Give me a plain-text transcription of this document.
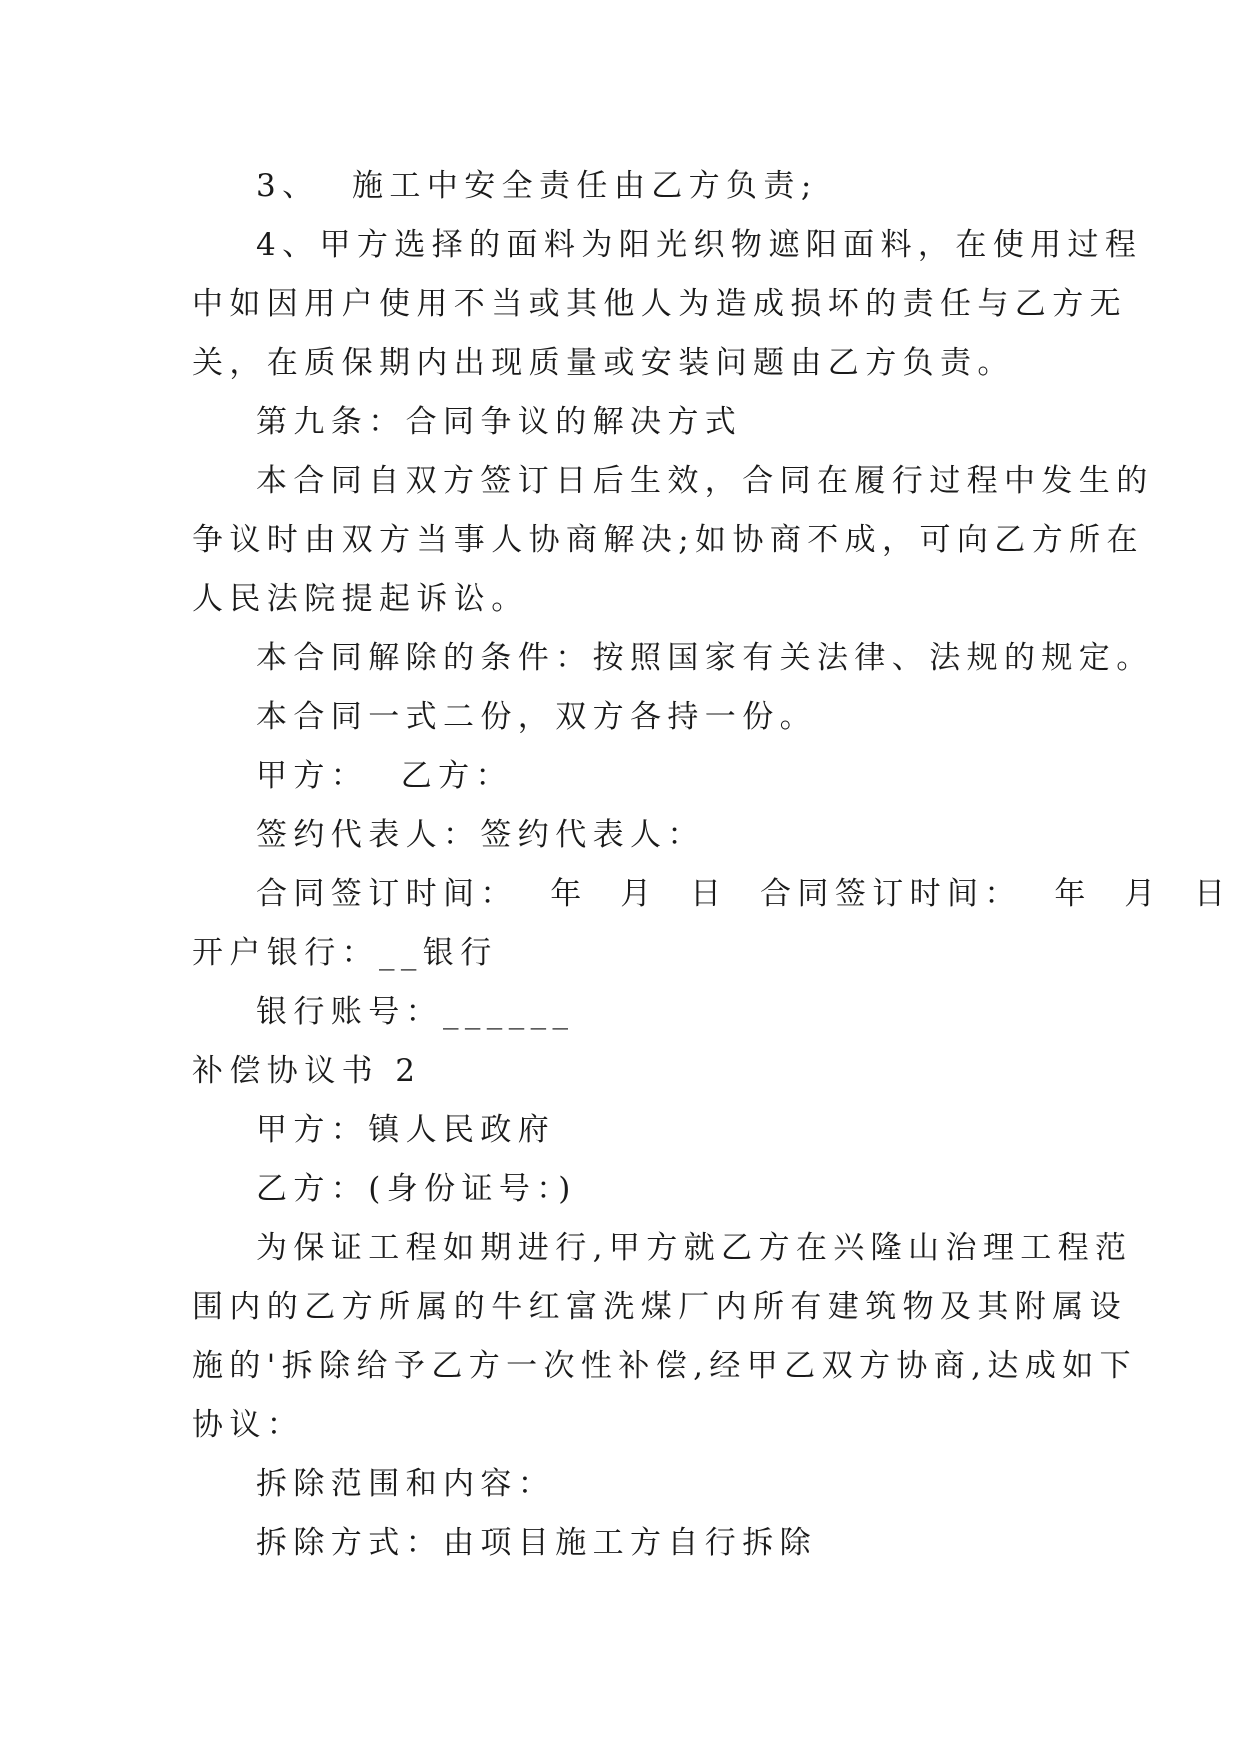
3、  施工中安全责任由乙方负责;
4、甲方选择的面料为阳光织物遮阳面料，在使用过程
中如因用户使用不当或其他人为造成损坏的责任与乙方无
关，在质保期内出现质量或安装问题由乙方负责。
第九条：合同争议的解决方式
本合同自双方签订日后生效，合同在履行过程中发生的
争议时由双方当事人协商解决;如协商不成，可向乙方所在
人民法院提起诉讼。
本合同解除的条件：按照国家有关法律、法规的规定。
本合同一式二份，双方各持一份。
甲方：  乙方：
签约代表人：签约代表人：
合同签订时间：  年  月  日  合同签订时间：  年  月  日
开户银行：__银行
银行账号：______
补偿协议书 2
甲方：镇人民政府
乙方：(身份证号：)
为保证工程如期进行,甲方就乙方在兴隆山治理工程范
围内的乙方所属的牛红富洗煤厂内所有建筑物及其附属设
施的'拆除给予乙方一次性补偿,经甲乙双方协商,达成如下
协议：
拆除范围和内容：
拆除方式：由项目施工方自行拆除
